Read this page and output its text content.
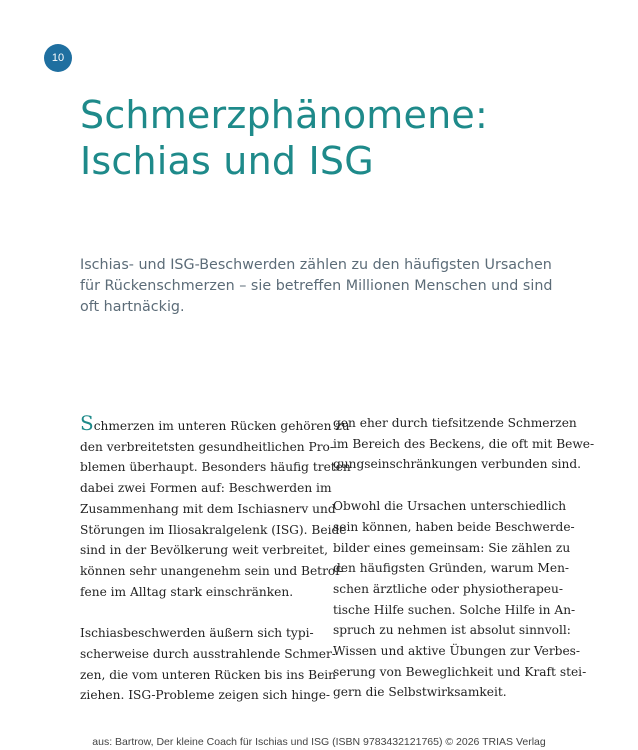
10
Schmerzphänomene:
Ischias und ISG

Ischias- und ISG-Beschwerden zählen zu den häufigsten Ursachen
für Rückenschmerzen – sie betreffen Millionen Menschen und sind
oft hartnäckig.

Schmerzen im unteren Rücken gehören zu
den verbreitetsten gesundheitlichen Pro-
blemen überhaupt. Besonders häufig treten
dabei zwei Formen auf: Beschwerden im
Zusammenhang mit dem Ischiasnerv und
Störungen im Iliosakralgelenk (ISG). Beide
sind in der Bevölkerung weit verbreitet,
können sehr unangenehm sein und Betrof-
fene im Alltag stark einschränken.

Ischiasbeschwerden äußern sich typi-
scherweise durch ausstrahlende Schmer-
zen, die vom unteren Rücken bis ins Bein
ziehen. ISG-Probleme zeigen sich hinge-

gen eher durch tiefsitzende Schmerzen
im Bereich des Beckens, die oft mit Bewe-
gungseinschränkungen verbunden sind.

Obwohl die Ursachen unterschiedlich
sein können, haben beide Beschwerde-
bilder eines gemeinsam: Sie zählen zu
den häufigsten Gründen, warum Men-
schen ärztliche oder physiotherapeu-
tische Hilfe suchen. Solche Hilfe in An-
spruch zu nehmen ist absolut sinnvoll:
Wissen und aktive Übungen zur Verbes-
serung von Beweglichkeit und Kraft stei-
gern die Selbstwirksamkeit.

aus: Bartrow, Der kleine Coach für Ischias und ISG (ISBN 9783432121765) © 2026 TRIAS Verlag
